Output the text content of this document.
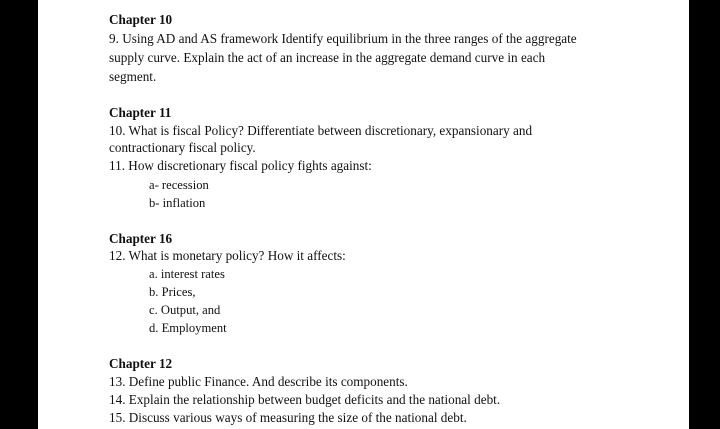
Chapter 10
9. Using AD and AS framework Identify equilibrium in the three ranges of the aggregate
supply curve. Explain the act of an increase in the aggregate demand curve in each
segment.
Chapter 11
10. What is fiscal Policy? Differentiate between discretionary, expansionary and
contractionary fiscal policy.
11. How discretionary fiscal policy fights against:
a- recession
b- inflation
Chapter 16
12. What is monetary policy? How it affects:
a. interest rates
b. Prices,
c. Output, and
d. Employment
Chapter 12
13. Define public Finance. And describe its components.
14. Explain the relationship between budget deficits and the national debt.
15. Discuss various ways of measuring the size of the national debt.
